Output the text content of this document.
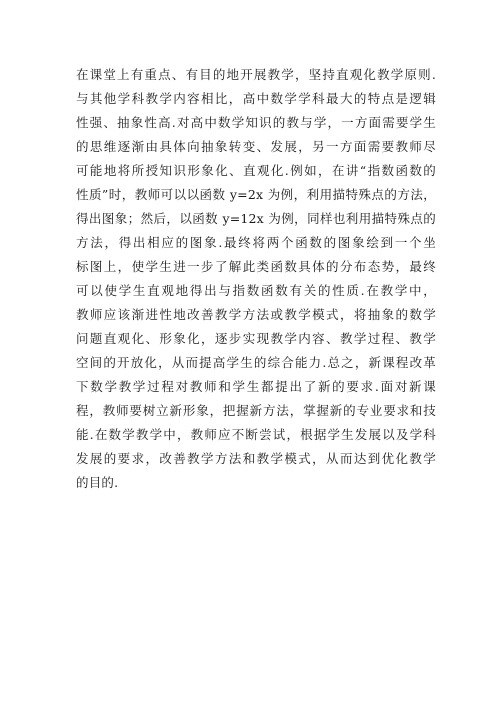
在课堂上有重点、有目的地开展教学，坚持直观化教学原则.
与其他学科教学内容相比，高中数学学科最大的特点是逻辑
性强、抽象性高.对高中数学知识的教与学，一方面需要学生
的思维逐渐由具体向抽象转变、发展，另一方面需要教师尽
可能地将所授知识形象化、直观化.例如，在讲“指数函数的
性质”时，教师可以以函数 y=2x 为例，利用描特殊点的方法，
得出图象；然后，以函数 y=12x 为例，同样也利用描特殊点的
方法，得出相应的图象.最终将两个函数的图象绘到一个坐
标图上，使学生进一步了解此类函数具体的分布态势，最终
可以使学生直观地得出与指数函数有关的性质.在教学中，
教师应该渐进性地改善教学方法或教学模式，将抽象的数学
问题直观化、形象化，逐步实现教学内容、教学过程、教学
空间的开放化，从而提高学生的综合能力.总之，新课程改革
下数学教学过程对教师和学生都提出了新的要求.面对新课
程，教师要树立新形象，把握新方法，掌握新的专业要求和技
能.在数学教学中，教师应不断尝试，根据学生发展以及学科
发展的要求，改善教学方法和教学模式，从而达到优化教学
的目的.
